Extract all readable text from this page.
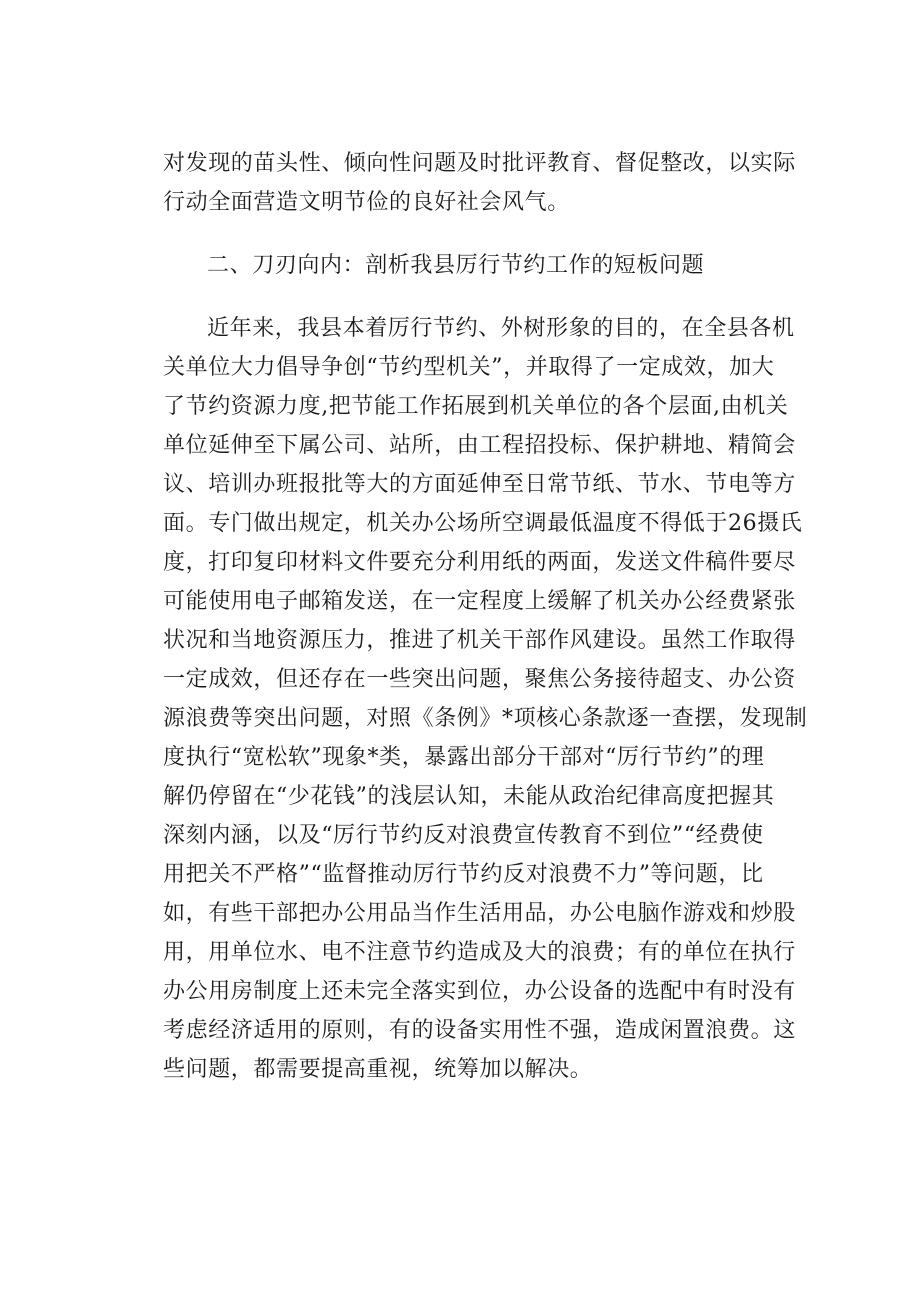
对发现的苗头性、倾向性问题及时批评教育、督促整改，以实际
行动全面营造文明节俭的良好社会风气。
二、刀刃向内：剖析我县厉行节约工作的短板问题
近年来，我县本着厉行节约、外树形象的目的，在全县各机
关单位大力倡导争创“节约型机关”，并取得了一定成效，加大
了节约资源力度,把节能工作拓展到机关单位的各个层面,由机关
单位延伸至下属公司、站所，由工程招投标、保护耕地、精简会
议、培训办班报批等大的方面延伸至日常节纸、节水、节电等方
面。专门做出规定，机关办公场所空调最低温度不得低于26摄氏
度，打印复印材料文件要充分利用纸的两面，发送文件稿件要尽
可能使用电子邮箱发送，在一定程度上缓解了机关办公经费紧张
状况和当地资源压力，推进了机关干部作风建设。虽然工作取得
一定成效，但还存在一些突出问题，聚焦公务接待超支、办公资
源浪费等突出问题，对照《条例》*项核心条款逐一查摆，发现制
度执行“宽松软”现象*类，暴露出部分干部对“厉行节约”的理
解仍停留在“少花钱”的浅层认知，未能从政治纪律高度把握其
深刻内涵，以及“厉行节约反对浪费宣传教育不到位”“经费使
用把关不严格”“监督推动厉行节约反对浪费不力”等问题，比
如，有些干部把办公用品当作生活用品，办公电脑作游戏和炒股
用，用单位水、电不注意节约造成及大的浪费；有的单位在执行
办公用房制度上还未完全落实到位，办公设备的选配中有时没有
考虑经济适用的原则，有的设备实用性不强，造成闲置浪费。这
些问题，都需要提高重视，统筹加以解决。
